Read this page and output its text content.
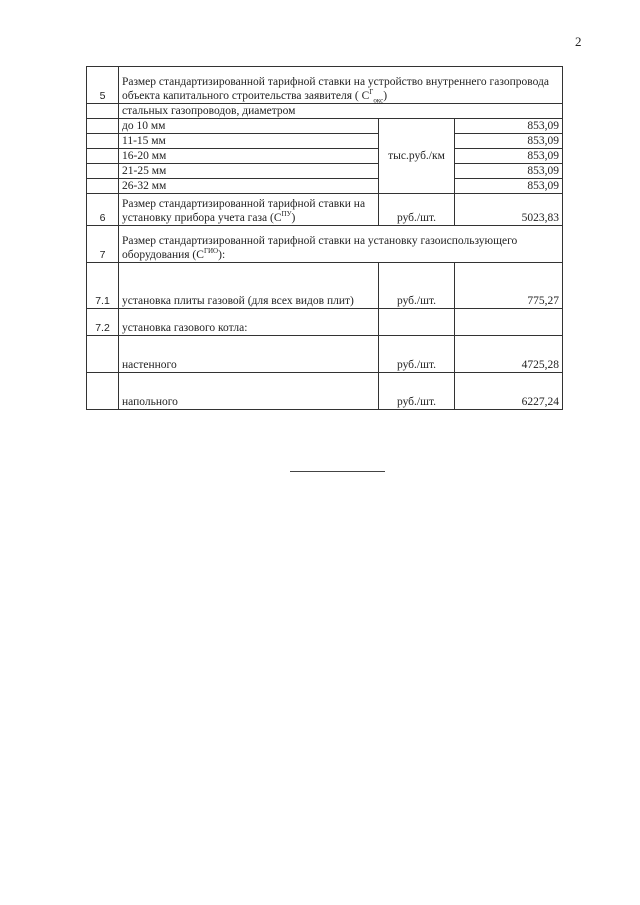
2
5	Размер стандартизированной тарифной ставки на устройство внутреннего газопровода объекта капитального строительства заявителя ( $С^Г_{окс}$)		
	стальных газопроводов, диаметром		
	до 10 мм	тыс.руб./км	853,09
	11-15 мм		853,09
	16-20 мм		853,09
	21-25 мм		853,09
	26-32 мм		853,09
6	Размер стандартизированной тарифной ставки на установку прибора учета газа $(С^{ПУ})$	руб./шт.	5023,83
7	Размер стандартизированной тарифной ставки на установку газоиспользующего оборудования $(С^{ГИО})$:		
7.1	установка плиты газовой (для всех видов плит)	руб./шт.	775,27
7.2	установка газового котла:		
	настенного	руб./шт.	4725,28
	напольного	руб./шт.	6227,24
